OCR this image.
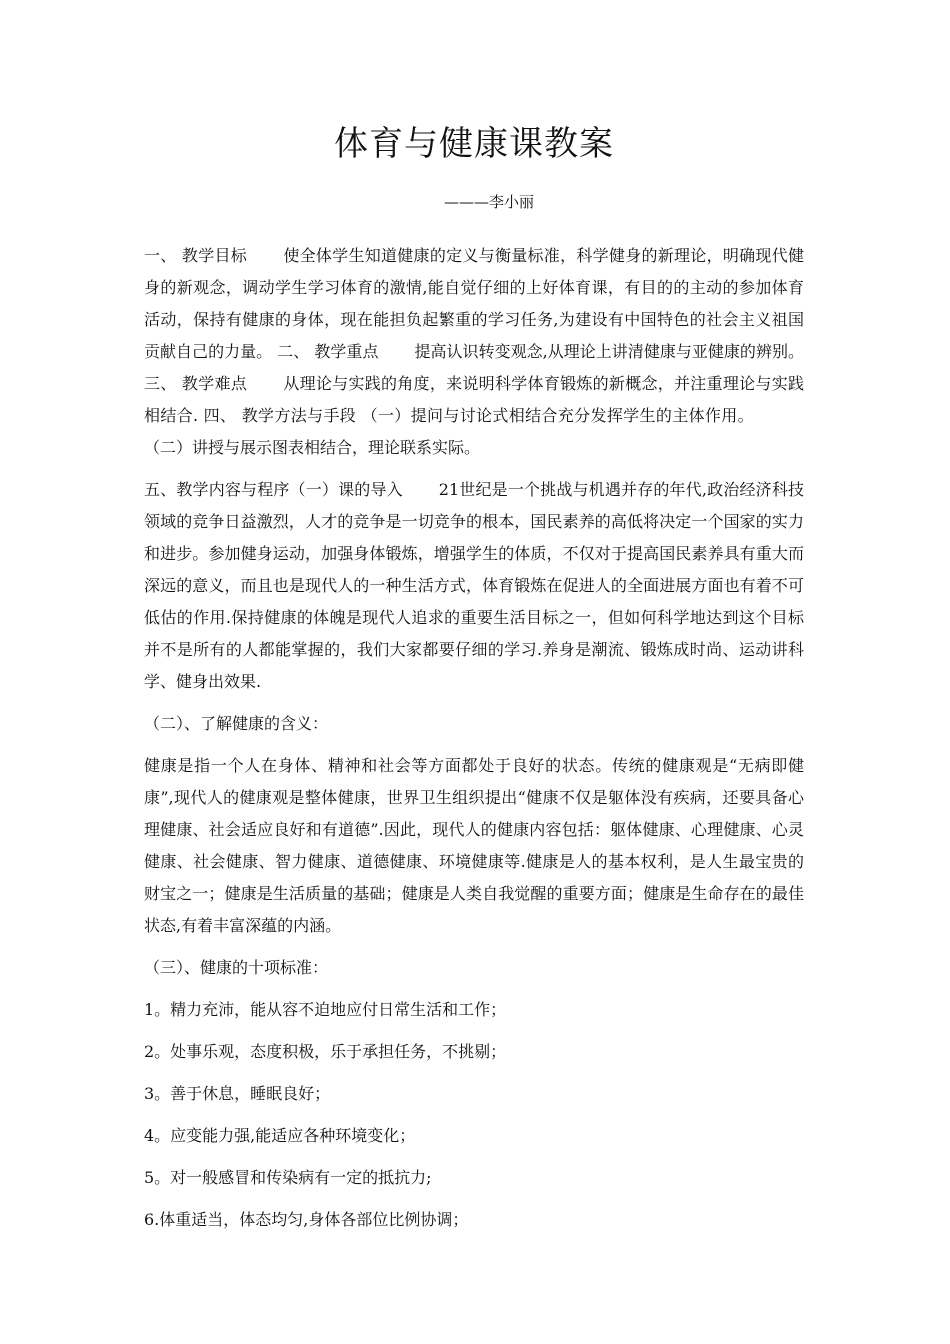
体育与健康课教案
———李小丽

一、 教学目标 使全体学生知道健康的定义与衡量标准，科学健身的新理论，明确现代健身的新观念，调动学生学习体育的激情,能自觉仔细的上好体育课，有目的的主动的参加体育活动，保持有健康的身体，现在能担负起繁重的学习任务,为建设有中国特色的社会主义祖国贡献自己的力量。 二、 教学重点 提高认识转变观念,从理论上讲清健康与亚健康的辨别。 三、 教学难点 从理论与实践的角度，来说明科学体育锻炼的新概念，并注重理论与实践相结合. 四、 教学方法与手段 （一）提问与讨论式相结合充分发挥学生的主体作用。（二）讲授与展示图表相结合，理论联系实际。

五、教学内容与程序（一）课的导入 21世纪是一个挑战与机遇并存的年代,政治经济科技领域的竞争日益激烈，人才的竞争是一切竞争的根本，国民素养的高低将决定一个国家的实力和进步。参加健身运动，加强身体锻炼，增强学生的体质，不仅对于提高国民素养具有重大而深远的意义，而且也是现代人的一种生活方式，体育锻炼在促进人的全面进展方面也有着不可低估的作用.保持健康的体魄是现代人追求的重要生活目标之一，但如何科学地达到这个目标并不是所有的人都能掌握的，我们大家都要仔细的学习.养身是潮流、锻炼成时尚、运动讲科学、健身出效果.

（二）、了解健康的含义：

健康是指一个人在身体、精神和社会等方面都处于良好的状态。传统的健康观是“无病即健康”,现代人的健康观是整体健康，世界卫生组织提出“健康不仅是躯体没有疾病，还要具备心理健康、社会适应良好和有道德”.因此，现代人的健康内容包括：躯体健康、心理健康、心灵健康、社会健康、智力健康、道德健康、环境健康等.健康是人的基本权利，是人生最宝贵的财宝之一；健康是生活质量的基础；健康是人类自我觉醒的重要方面；健康是生命存在的最佳状态,有着丰富深蕴的内涵。

（三）、健康的十项标准：

1。精力充沛，能从容不迫地应付日常生活和工作；

2。处事乐观，态度积极，乐于承担任务，不挑剔；

3。善于休息，睡眠良好；

4。应变能力强,能适应各种环境变化；

5。对一般感冒和传染病有一定的抵抗力;

6.体重适当，体态均匀,身体各部位比例协调；
